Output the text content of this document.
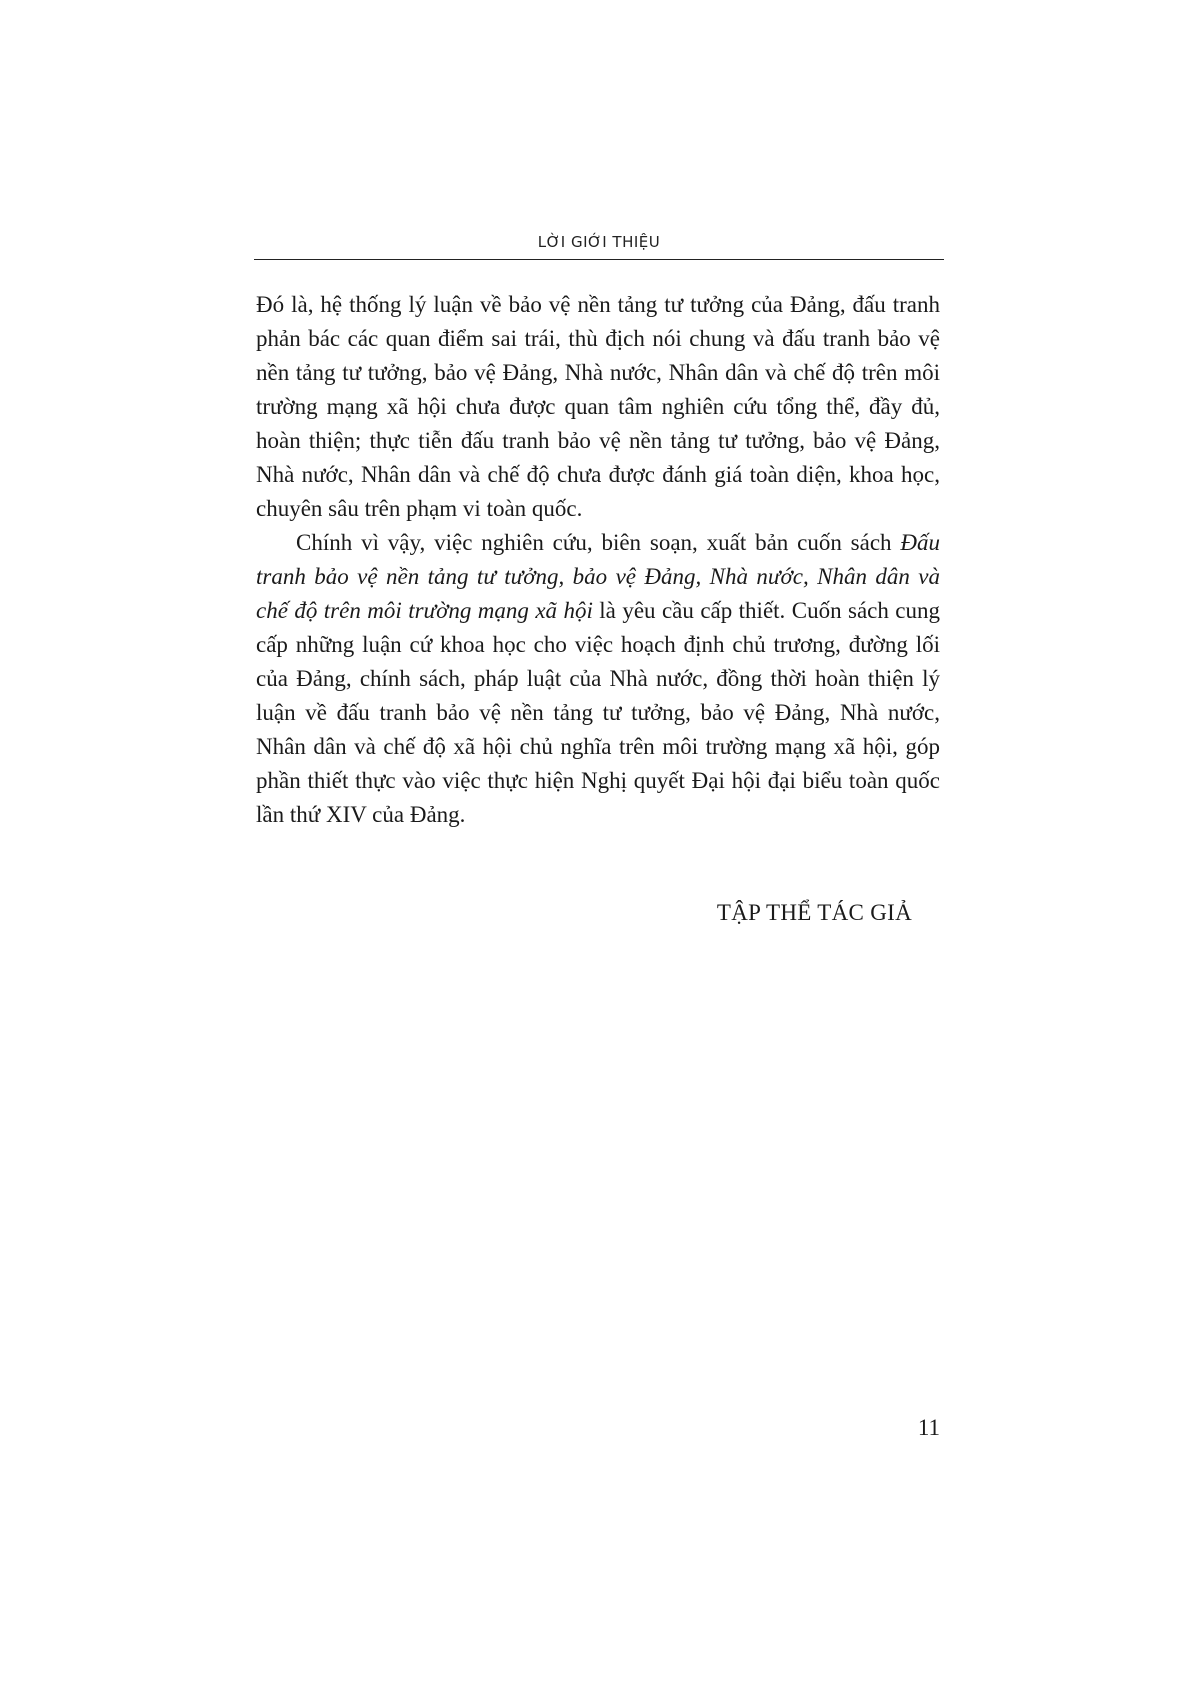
LỜI GIỚI THIỆU

Đó là, hệ thống lý luận về bảo vệ nền tảng tư tưởng của Đảng, đấu tranh phản bác các quan điểm sai trái, thù địch nói chung và đấu tranh bảo vệ nền tảng tư tưởng, bảo vệ Đảng, Nhà nước, Nhân dân và chế độ trên môi trường mạng xã hội chưa được quan tâm nghiên cứu tổng thể, đầy đủ, hoàn thiện; thực tiễn đấu tranh bảo vệ nền tảng tư tưởng, bảo vệ Đảng, Nhà nước, Nhân dân và chế độ chưa được đánh giá toàn diện, khoa học, chuyên sâu trên phạm vi toàn quốc.

Chính vì vậy, việc nghiên cứu, biên soạn, xuất bản cuốn sách Đấu tranh bảo vệ nền tảng tư tưởng, bảo vệ Đảng, Nhà nước, Nhân dân và chế độ trên môi trường mạng xã hội là yêu cầu cấp thiết. Cuốn sách cung cấp những luận cứ khoa học cho việc hoạch định chủ trương, đường lối của Đảng, chính sách, pháp luật của Nhà nước, đồng thời hoàn thiện lý luận về đấu tranh bảo vệ nền tảng tư tưởng, bảo vệ Đảng, Nhà nước, Nhân dân và chế độ xã hội chủ nghĩa trên môi trường mạng xã hội, góp phần thiết thực vào việc thực hiện Nghị quyết Đại hội đại biểu toàn quốc lần thứ XIV của Đảng.

TẬP THỂ TÁC GIẢ
11
